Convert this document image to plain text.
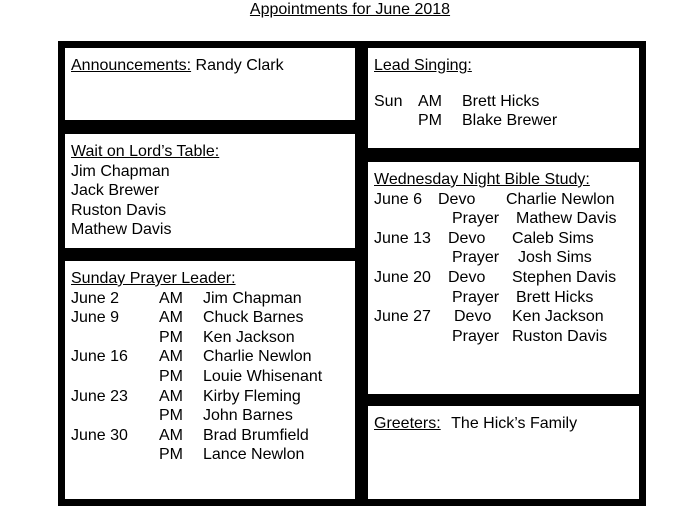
Appointments for June 2018
Announcements: Randy Clark	Lead Singing:
Sun AM Brett Hicks
PM Blake Brewer
Wait on Lord’s Table:
Jim Chapman
Jack Brewer
Ruston Davis
Mathew Davis
Wednesday Night Bible Study:
June 6 Devo Charlie Newlon
Prayer Mathew Davis
June 13 Devo Caleb Sims
Prayer Josh Sims
June 20 Devo Stephen Davis
Prayer Brett Hicks
June 27 Devo Ken Jackson
Prayer Ruston Davis
Sunday Prayer Leader:
June 2 AM Jim Chapman
June 9 AM Chuck Barnes
PM Ken Jackson
June 16 AM Charlie Newlon
PM Louie Whisenant
June 23 AM Kirby Fleming
PM John Barnes
June 30 AM Brad Brumfield
PM Lance Newlon
Greeters: The Hick’s Family
